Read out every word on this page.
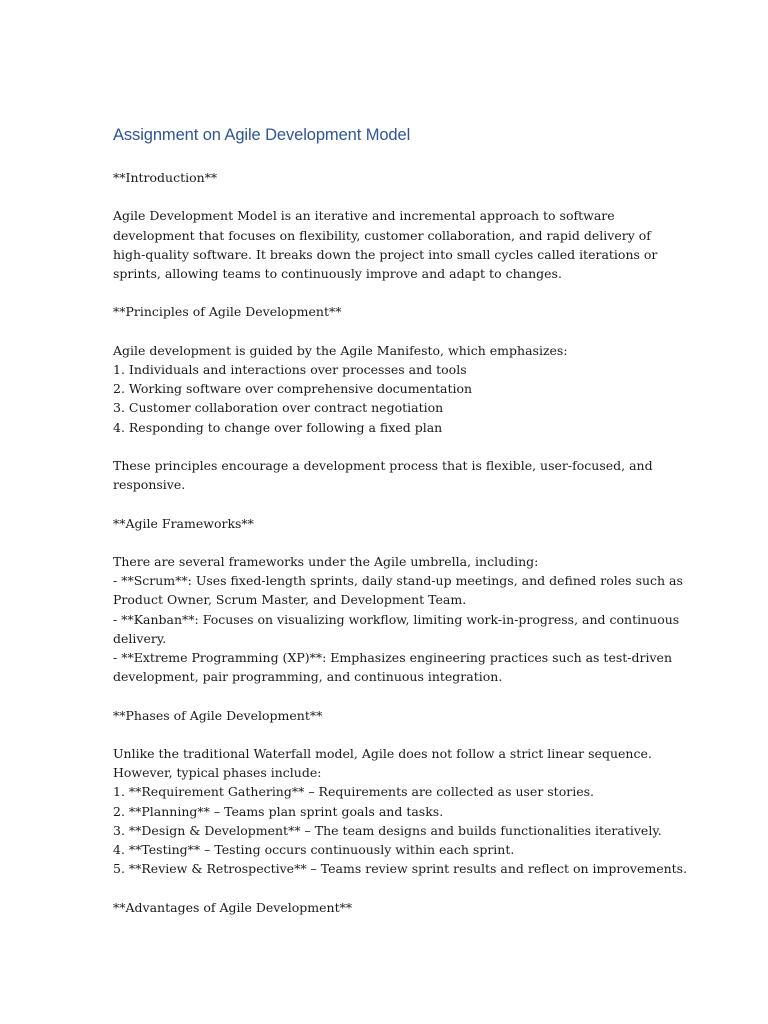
Assignment on Agile Development Model
**Introduction**
Agile Development Model is an iterative and incremental approach to software
development that focuses on flexibility, customer collaboration, and rapid delivery of
high-quality software. It breaks down the project into small cycles called iterations or
sprints, allowing teams to continuously improve and adapt to changes.
**Principles of Agile Development**
Agile development is guided by the Agile Manifesto, which emphasizes:
1. Individuals and interactions over processes and tools
2. Working software over comprehensive documentation
3. Customer collaboration over contract negotiation
4. Responding to change over following a fixed plan
These principles encourage a development process that is flexible, user-focused, and
responsive.
**Agile Frameworks**
There are several frameworks under the Agile umbrella, including:
- **Scrum**: Uses fixed-length sprints, daily stand-up meetings, and defined roles such as
Product Owner, Scrum Master, and Development Team.
- **Kanban**: Focuses on visualizing workflow, limiting work-in-progress, and continuous
delivery.
- **Extreme Programming (XP)**: Emphasizes engineering practices such as test-driven
development, pair programming, and continuous integration.
**Phases of Agile Development**
Unlike the traditional Waterfall model, Agile does not follow a strict linear sequence.
However, typical phases include:
1. **Requirement Gathering** – Requirements are collected as user stories.
2. **Planning** – Teams plan sprint goals and tasks.
3. **Design & Development** – The team designs and builds functionalities iteratively.
4. **Testing** – Testing occurs continuously within each sprint.
5. **Review & Retrospective** – Teams review sprint results and reflect on improvements.
**Advantages of Agile Development**
